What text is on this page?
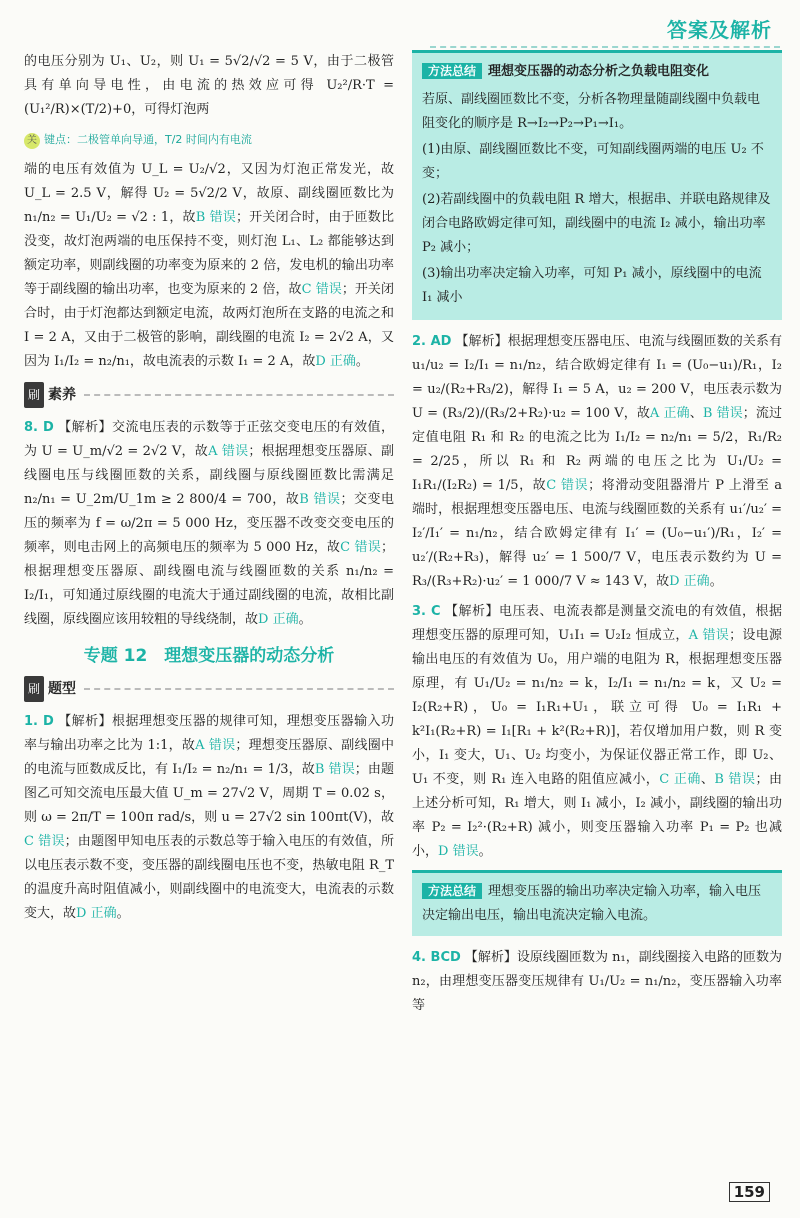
答案及解析

的电压分别为 U₁、U₂，则 U₁ = 5√2/√2 = 5 V，由于二极管具有单向导电性，由电流的热效应可得 U₂²/R·T = (U₁²/R)×(T/2)+0，可得灯泡两

关 键点：二极管单向导通，T/2 时间内有电流

端的电压有效值为 U_L = U₂/√2，又因为灯泡正常发光，故 U_L = 2.5 V，解得 U₂ = 5√2/2 V，故原、副线圈匝数比为 n₁/n₂ = U₁/U₂ = √2 : 1，故B 错误；开关闭合时，由于匝数比没变，故灯泡两端的电压保持不变，则灯泡 L₁、L₂ 都能够达到额定功率，则副线圈的功率变为原来的 2 倍，发电机的输出功率等于副线圈的输出功率，也变为原来的 2 倍，故C 错误；开关闭合时，由于灯泡都达到额定电流，故两灯泡所在支路的电流之和 I = 2 A，又由于二极管的影响，副线圈的电流 I₂ = 2√2 A，又因为 I₁/I₂ = n₂/n₁，故电流表的示数 I₁ = 2 A，故D 正确。

刷 素养

8. D 【解析】交流电压表的示数等于正弦交变电压的有效值，为 U = U_m/√2 = 2√2 V，故A 错误；根据理想变压器原、副线圈电压与线圈匝数的关系，副线圈与原线圈匝数比需满足 n₂/n₁ = U_2m/U_1m ≥ 2 800/4 = 700，故B 错误；交变电压的频率为 f = ω/2π = 5 000 Hz，变压器不改变交变电压的频率，则电击网上的高频电压的频率为 5 000 Hz，故C 错误；根据理想变压器原、副线圈电流与线圈匝数的关系 n₁/n₂ = I₂/I₁，可知通过原线圈的电流大于通过副线圈的电流，故相比副线圈，原线圈应该用较粗的导线绕制，故D 正确。

专题 12　理想变压器的动态分析
刷 题型

1. D 【解析】根据理想变压器的规律可知，理想变压器输入功率与输出功率之比为 1:1，故A 错误；理想变压器原、副线圈中的电流与匝数成反比，有 I₁/I₂ = n₂/n₁ = 1/3，故B 错误；由题图乙可知交流电压最大值 U_m = 27√2 V，周期 T = 0.02 s，则 ω = 2π/T = 100π rad/s，则 u = 27√2 sin 100πt(V)，故C 错误；由题图甲知电压表的示数总等于输入电压的有效值，所以电压表示数不变，变压器的副线圈电压也不变，热敏电阻 R_T 的温度升高时阻值减小，则副线圈中的电流变大，电流表的示数变大，故D 正确。

方法总结 理想变压器的动态分析之负载电阻变化

若原、副线圈匝数比不变，分析各物理量随副线圈中负载电阻变化的顺序是 R→I₂→P₂→P₁→I₁。

(1)由原、副线圈匝数比不变，可知副线圈两端的电压 U₂ 不变；

(2)若副线圈中的负载电阻 R 增大，根据串、并联电路规律及闭合电路欧姆定律可知，副线圈中的电流 I₂ 减小，输出功率 P₂ 减小；

(3)输出功率决定输入功率，可知 P₁ 减小，原线圈中的电流 I₁ 减小

2. AD 【解析】根据理想变压器电压、电流与线圈匝数的关系有 u₁/u₂ = I₂/I₁ = n₁/n₂，结合欧姆定律有 I₁ = (U₀−u₁)/R₁，I₂ = u₂/(R₂+R₃/2)，解得 I₁ = 5 A，u₂ = 200 V，电压表示数为 U = (R₃/2)/(R₃/2+R₂)·u₂ = 100 V，故A 正确、B 错误；流过定值电阻 R₁ 和 R₂ 的电流之比为 I₁/I₂ = n₂/n₁ = 5/2，R₁/R₂ = 2/25，所以 R₁ 和 R₂ 两端的电压之比为 U₁/U₂ = I₁R₁/(I₂R₂) = 1/5，故C 错误；将滑动变阻器滑片 P 上滑至 a 端时，根据理想变压器电压、电流与线圈匝数的关系有 u₁′/u₂′ = I₂′/I₁′ = n₁/n₂，结合欧姆定律有 I₁′ = (U₀−u₁′)/R₁，I₂′ = u₂′/(R₂+R₃)，解得 u₂′ = 1 500/7 V，电压表示数约为 U = R₃/(R₃+R₂)·u₂′ = 1 000/7 V ≈ 143 V，故D 正确。

3. C 【解析】电压表、电流表都是测量交流电的有效值，根据理想变压器的原理可知，U₁I₁ = U₂I₂ 恒成立，A 错误；设电源输出电压的有效值为 U₀，用户端的电阻为 R，根据理想变压器原理，有 U₁/U₂ = n₁/n₂ = k，I₂/I₁ = n₁/n₂ = k，又 U₂ = I₂(R₂+R)，U₀ = I₁R₁+U₁，联立可得 U₀ = I₁R₁ + k²I₁(R₂+R) = I₁[R₁ + k²(R₂+R)]，若仅增加用户数，则 R 变小，I₁ 变大，U₁、U₂ 均变小，为保证仪器正常工作，即 U₂、U₁ 不变，则 R₁ 连入电路的阻值应减小，C 正确、B 错误；由上述分析可知，R₁ 增大，则 I₁ 减小，I₂ 减小，副线圈的输出功率 P₂ = I₂²·(R₂+R) 减小，则变压器输入功率 P₁ = P₂ 也减小，D 错误。

方法总结 理想变压器的输出功率决定输入功率，输入电压决定输出电压，输出电流决定输入电流。

4. BCD 【解析】设原线圈匝数为 n₁，副线圈接入电路的匝数为 n₂，由理想变压器变压规律有 U₁/U₂ = n₁/n₂，变压器输入功率等

159
